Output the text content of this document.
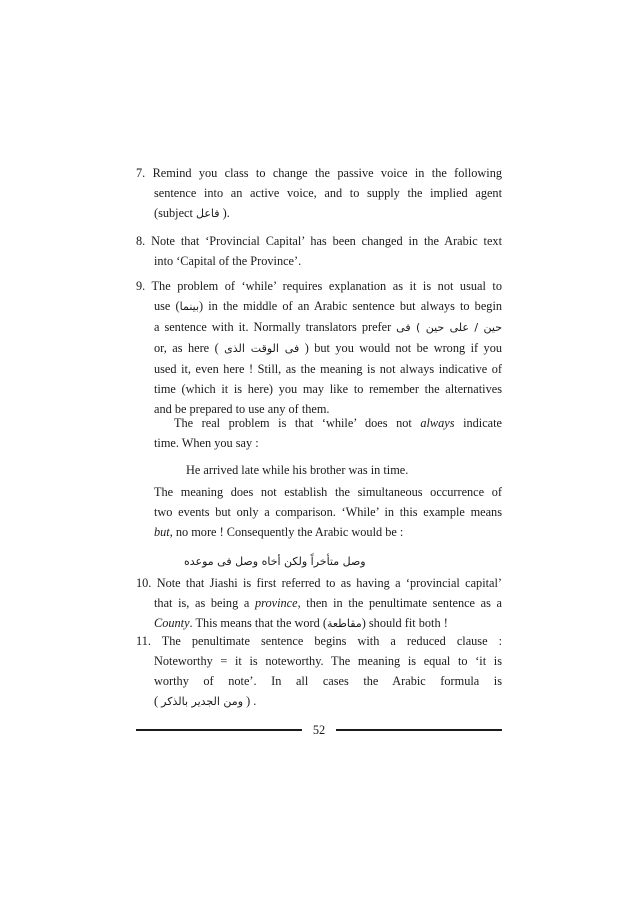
7. Remind you class to change the passive voice in the following

sentence into an active voice, and to supply the implied agent

(subject فاعل ).

8. Note that ‘Provincial Capital’ has been changed in the Arabic text

into ‘Capital of the Province’.

9. The problem of ‘while’ requires explanation as it is not usual to

use (بينما) in the middle of an Arabic sentence but always to begin

a sentence with it. Normally translators prefer حين / على حين ) فى

or, as here ( فى الوقت الذى ) but you would not be wrong if you

used it, even here ! Still, as the meaning is not always indicative of

time (which it is here) you may like to remember the alternatives

and be prepared to use any of them.

The real problem is that ‘while’ does not always indicate

time. When you say :

He arrived late while his brother was in time.

The meaning does not establish the simultaneous occurrence of

two events but only a comparison. ‘While’ in this example means

but, no more ! Consequently the Arabic would be :

وصل متأخراً ولكن أخاه وصل فى موعده

10. Note that Jiashi is first referred to as having a ‘provincial capital’

that is, as being a province, then in the penultimate sentence as a

County. This means that the word (مقاطعة) should fit both !

11. The penultimate sentence begins with a reduced clause :

Noteworthy = it is noteworthy. The meaning is equal to ‘it is

worthy of note’. In all cases the Arabic formula is

( ومن الجدير بالذكر ) .

52
